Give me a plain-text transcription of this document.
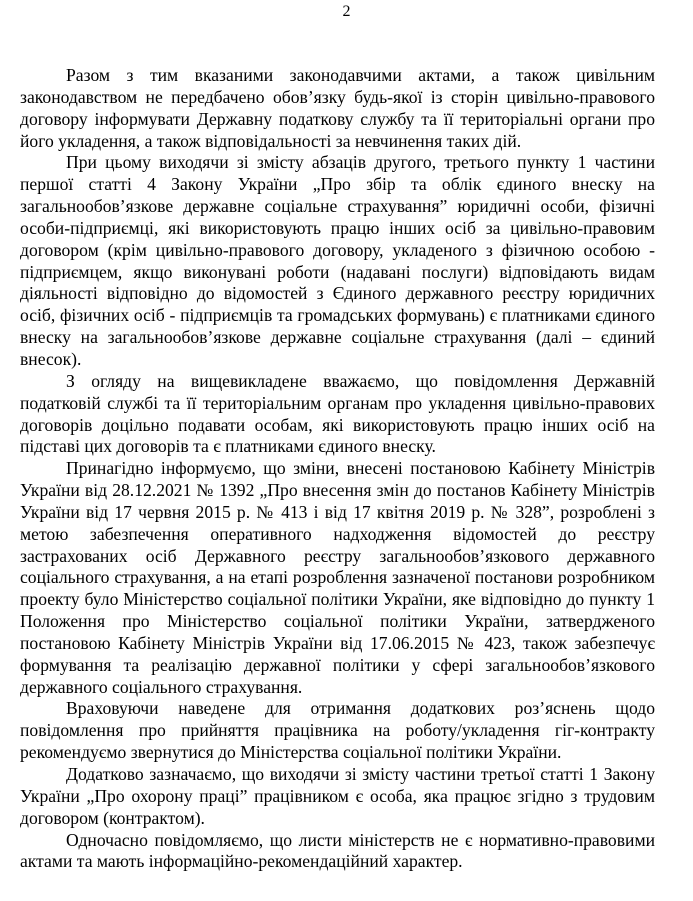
2

Разом з тим вказаними законодавчими актами, а також цивільним законодавством не передбачено обов’язку будь-якої із сторін цивільно-правового договору інформувати Державну податкову службу та її територіальні органи про його укладення, а також відповідальності за невчинення таких дій.

При цьому виходячи зі змісту абзаців другого, третього пункту 1 частини першої статті 4 Закону України „Про збір та облік єдиного внеску на загальнообов’язкове державне соціальне страхування” юридичні особи, фізичні особи-підприємці, які використовують працю інших осіб за цивільно-правовим договором (крім цивільно-правового договору, укладеного з фізичною особою - підприємцем, якщо виконувані роботи (надавані послуги) відповідають видам діяльності відповідно до відомостей з Єдиного державного реєстру юридичних осіб, фізичних осіб - підприємців та громадських формувань) є платниками єдиного внеску на загальнообов’язкове державне соціальне страхування (далі – єдиний внесок).

З огляду на вищевикладене вважаємо, що повідомлення Державній податковій службі та її територіальним органам про укладення цивільно-правових договорів доцільно подавати особам, які використовують працю інших осіб на підставі цих договорів та є платниками єдиного внеску.

Принагідно інформуємо, що зміни, внесені постановою Кабінету Міністрів України від 28.12.2021 № 1392 „Про внесення змін до постанов Кабінету Міністрів України від 17 червня 2015 р. № 413 і від 17 квітня 2019 р. № 328”, розроблені з метою забезпечення оперативного надходження відомостей до реєстру застрахованих осіб Державного реєстру загальнообов’язкового державного соціального страхування, а на етапі розроблення зазначеної постанови розробником проекту було Міністерство соціальної політики України, яке відповідно до пункту 1 Положення про Міністерство соціальної політики України, затвердженого постановою Кабінету Міністрів України від 17.06.2015 № 423, також забезпечує формування та реалізацію державної політики у сфері загальнообов’язкового державного соціального страхування.

Враховуючи наведене для отримання додаткових роз’яснень щодо повідомлення про прийняття працівника на роботу/укладення гіг-контракту рекомендуємо звернутися до Міністерства соціальної політики України.

Додатково зазначаємо, що виходячи зі змісту частини третьої статті 1 Закону України „Про охорону праці” працівником є особа, яка працює згідно з трудовим договором (контрактом).

Одночасно повідомляємо, що листи міністерств не є нормативно-правовими актами та мають інформаційно-рекомендаційний характер.
